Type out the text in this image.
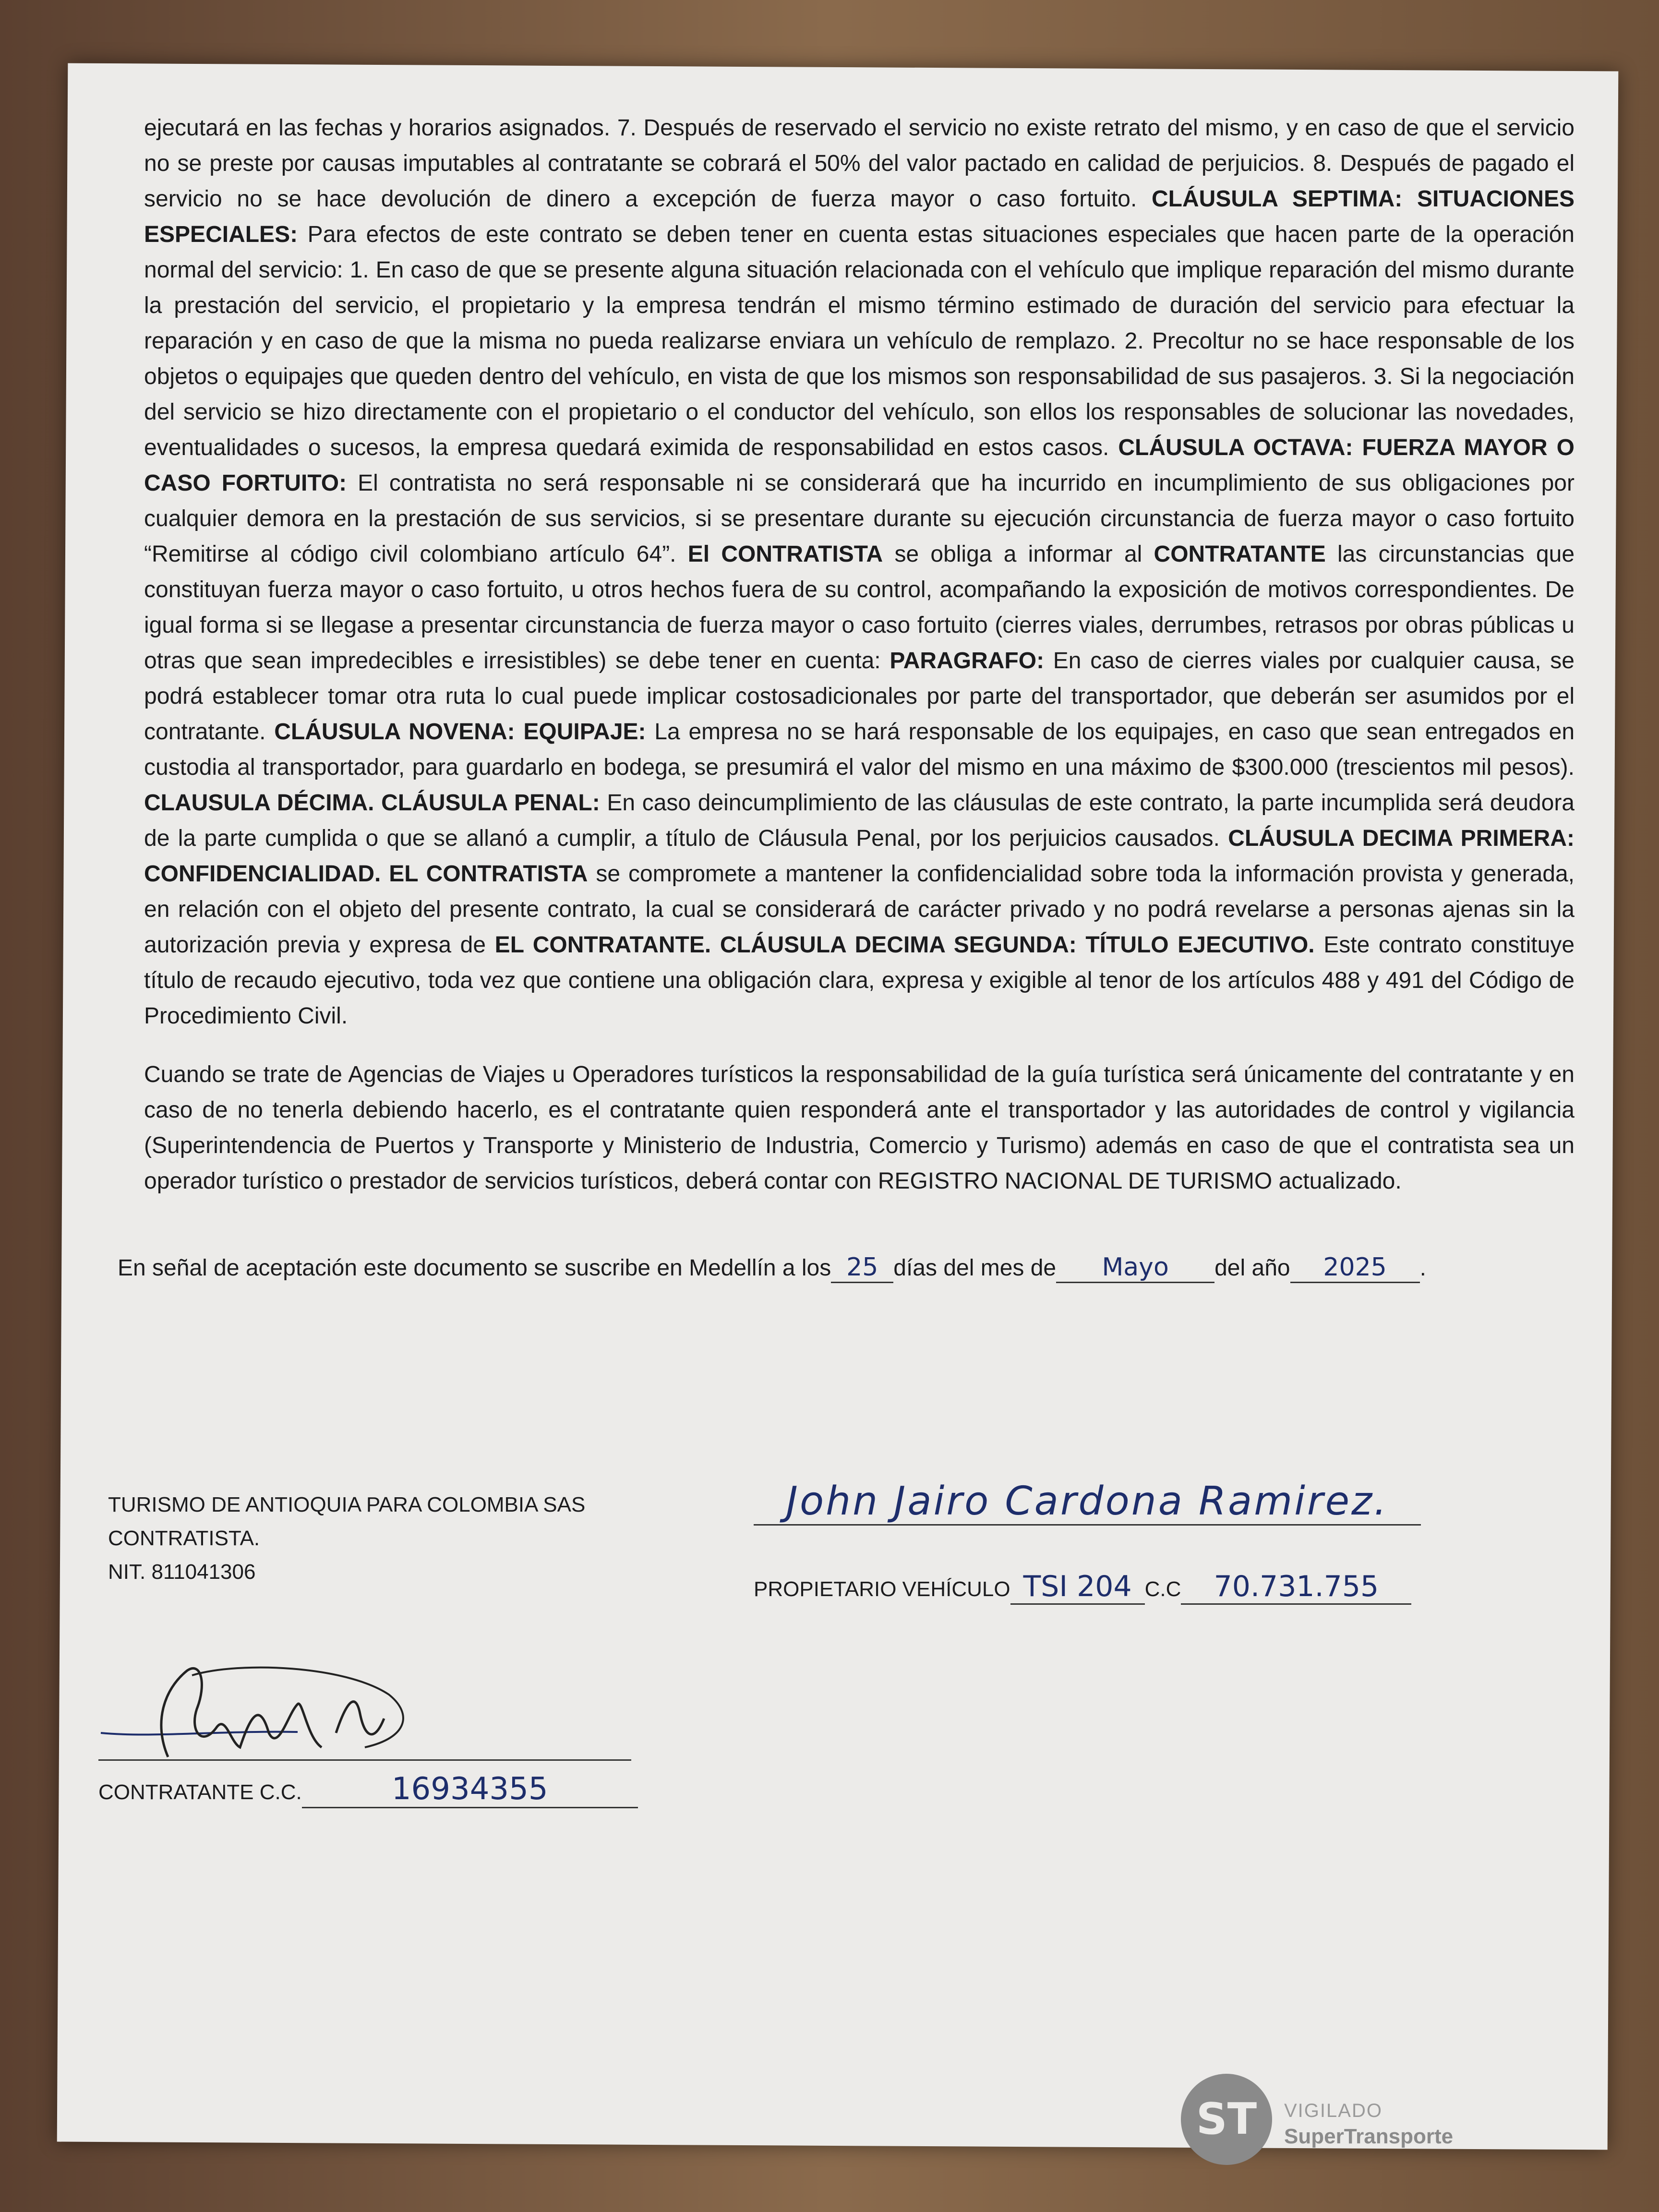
ejecutará en las fechas y horarios asignados. 7. Después de reservado el servicio no existe retrato del mismo, y en caso de que el servicio no se preste por causas imputables al contratante se cobrará el 50% del valor pactado en calidad de perjuicios. 8. Después de pagado el servicio no se hace devolución de dinero a excepción de fuerza mayor o caso fortuito. CLÁUSULA SEPTIMA: SITUACIONES ESPECIALES: Para efectos de este contrato se deben tener en cuenta estas situaciones especiales que hacen parte de la operación normal del servicio: 1. En caso de que se presente alguna situación relacionada con el vehículo que implique reparación del mismo durante la prestación del servicio, el propietario y la empresa tendrán el mismo término estimado de duración del servicio para efectuar la reparación y en caso de que la misma no pueda realizarse enviara un vehículo de remplazo. 2. Precoltur no se hace responsable de los objetos o equipajes que queden dentro del vehículo, en vista de que los mismos son responsabilidad de sus pasajeros. 3. Si la negociación del servicio se hizo directamente con el propietario o el conductor del vehículo, son ellos los responsables de solucionar las novedades, eventualidades o sucesos, la empresa quedará eximida de responsabilidad en estos casos. CLÁUSULA OCTAVA: FUERZA MAYOR O CASO FORTUITO: El contratista no será responsable ni se considerará que ha incurrido en incumplimiento de sus obligaciones por cualquier demora en la prestación de sus servicios, si se presentare durante su ejecución circunstancia de fuerza mayor o caso fortuito “Remitirse al código civil colombiano artículo 64”. El CONTRATISTA se obliga a informar al CONTRATANTE las circunstancias que constituyan fuerza mayor o caso fortuito, u otros hechos fuera de su control, acompañando la exposición de motivos correspondientes. De igual forma si se llegase a presentar circunstancia de fuerza mayor o caso fortuito (cierres viales, derrumbes, retrasos por obras públicas u otras que sean impredecibles e irresistibles) se debe tener en cuenta: PARAGRAFO: En caso de cierres viales por cualquier causa, se podrá establecer tomar otra ruta lo cual puede implicar costosadicionales por parte del transportador, que deberán ser asumidos por el contratante. CLÁUSULA NOVENA: EQUIPAJE: La empresa no se hará responsable de los equipajes, en caso que sean entregados en custodia al transportador, para guardarlo en bodega, se presumirá el valor del mismo en una máximo de $300.000 (trescientos mil pesos). CLAUSULA DÉCIMA. CLÁUSULA PENAL: En caso deincumplimiento de las cláusulas de este contrato, la parte incumplida será deudora de la parte cumplida o que se allanó a cumplir, a título de Cláusula Penal, por los perjuicios causados. CLÁUSULA DECIMA PRIMERA: CONFIDENCIALIDAD. EL CONTRATISTA se compromete a mantener la confidencialidad sobre toda la información provista y generada, en relación con el objeto del presente contrato, la cual se considerará de carácter privado y no podrá revelarse a personas ajenas sin la autorización previa y expresa de EL CONTRATANTE. CLÁUSULA DECIMA SEGUNDA: TÍTULO EJECUTIVO. Este contrato constituye título de recaudo ejecutivo, toda vez que contiene una obligación clara, expresa y exigible al tenor de los artículos 488 y 491 del Código de Procedimiento Civil.

Cuando se trate de Agencias de Viajes u Operadores turísticos la responsabilidad de la guía turística será únicamente del contratante y en caso de no tenerla debiendo hacerlo, es el contratante quien responderá ante el transportador y las autoridades de control y vigilancia (Superintendencia de Puertos y Transporte y Ministerio de Industria, Comercio y Turismo) además en caso de que el contratista sea un operador turístico o prestador de servicios turísticos, deberá contar con REGISTRO NACIONAL DE TURISMO actualizado.

En señal de aceptación este documento se suscribe en Medellín a los 25 días del mes de Mayo del año 2025 .
TURISMO DE ANTIOQUIA PARA COLOMBIA SAS
CONTRATISTA.
NIT. 811041306
John Jairo Cardona Ramirez.
PROPIETARIO VEHÍCULO TSI 204 C.C 70.731.755
CONTRATANTE C.C.	16934355
ST VIGILADO
SuperTransporte
